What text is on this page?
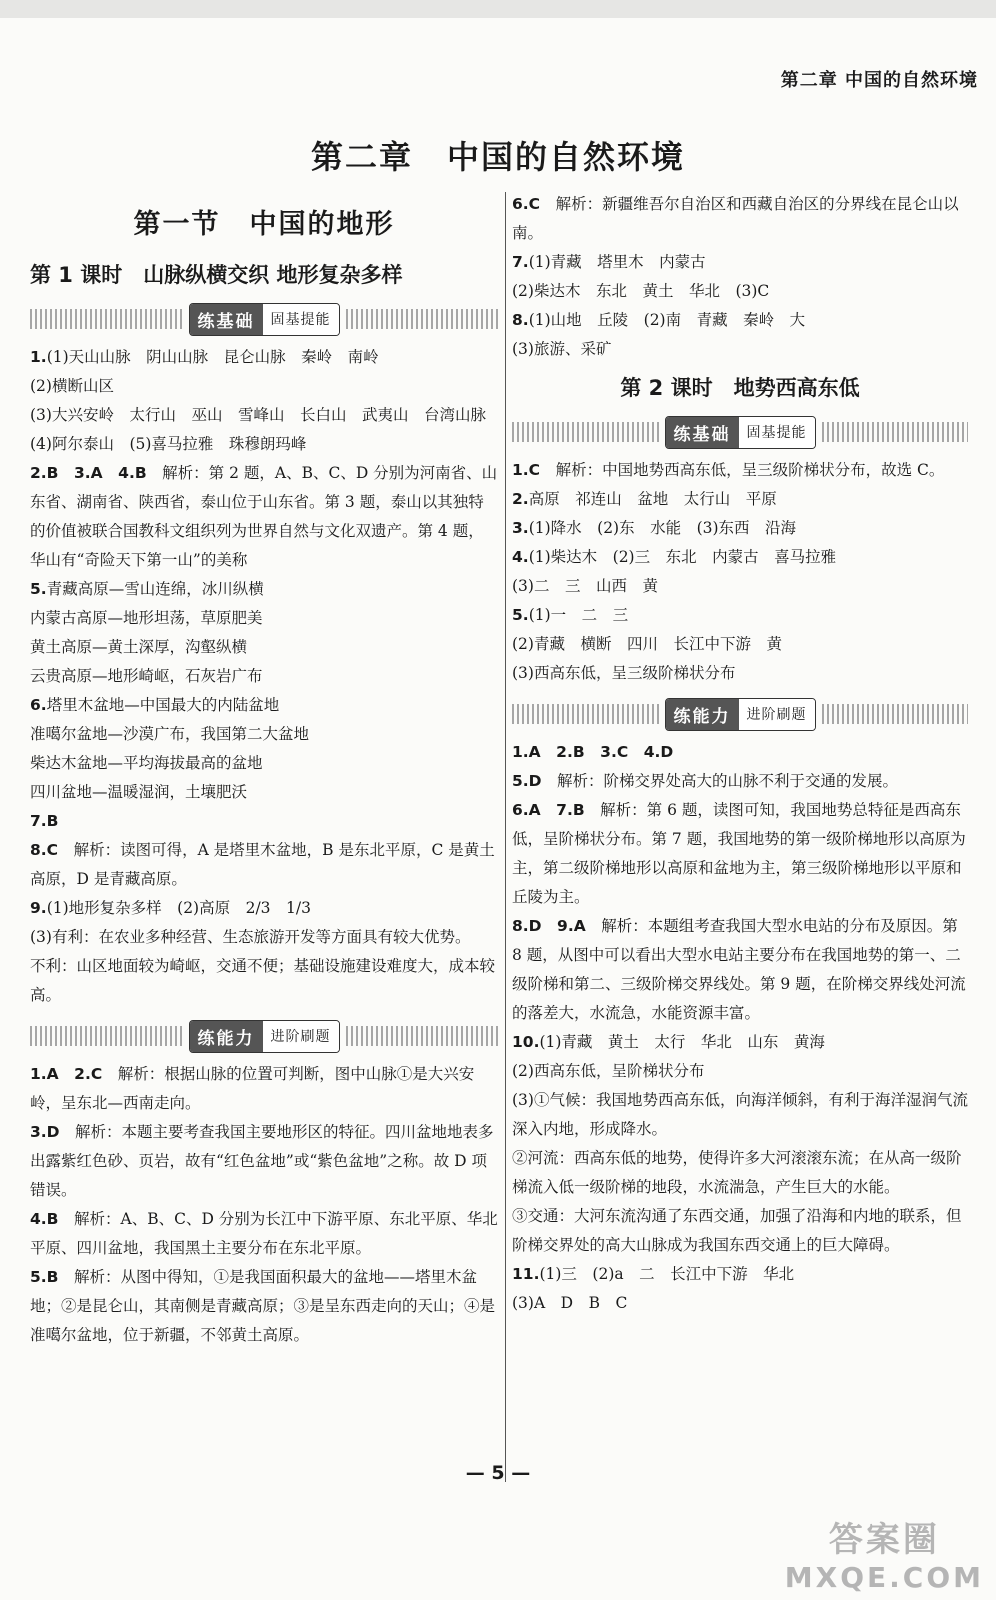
第二章 中国的自然环境
第二章　中国的自然环境
第一节　中国的地形
第 1 课时　山脉纵横交织 地形复杂多样
练基础	固基提能

1.(1)天山山脉　阴山山脉　昆仑山脉　秦岭　南岭
(2)横断山区
(3)大兴安岭　太行山　巫山　雪峰山　长白山　武夷山　台湾山脉
(4)阿尔泰山　(5)喜马拉雅　珠穆朗玛峰

2.B　3.A　4.B　解析：第 2 题，A、B、C、D 分别为河南省、山东省、湖南省、陕西省，泰山位于山东省。第 3 题，泰山以其独特的价值被联合国教科文组织列为世界自然与文化双遗产。第 4 题，华山有“奇险天下第一山”的美称

5.青藏高原—雪山连绵，冰川纵横
内蒙古高原—地形坦荡，草原肥美
黄土高原—黄土深厚，沟壑纵横
云贵高原—地形崎岖，石灰岩广布

6.塔里木盆地—中国最大的内陆盆地
准噶尔盆地—沙漠广布，我国第二大盆地
柴达木盆地—平均海拔最高的盆地
四川盆地—温暖湿润，土壤肥沃

7.B

8.C　解析：读图可得，A 是塔里木盆地，B 是东北平原，C 是黄土高原，D 是青藏高原。

9.(1)地形复杂多样　(2)高原　2/3　1/3
(3)有利：在农业多种经营、生态旅游开发等方面具有较大优势。
不利：山区地面较为崎岖，交通不便；基础设施建设难度大，成本较高。

练能力	进阶刷题

1.A　2.C　解析：根据山脉的位置可判断，图中山脉①是大兴安岭，呈东北—西南走向。

3.D　解析：本题主要考查我国主要地形区的特征。四川盆地地表多出露紫红色砂、页岩，故有“红色盆地”或“紫色盆地”之称。故 D 项错误。

4.B　解析：A、B、C、D 分别为长江中下游平原、东北平原、华北平原、四川盆地，我国黑土主要分布在东北平原。

5.B　解析：从图中得知，①是我国面积最大的盆地——塔里木盆地；②是昆仑山，其南侧是青藏高原；③是呈东西走向的天山；④是准噶尔盆地，位于新疆，不邻黄土高原。

6.C　解析：新疆维吾尔自治区和西藏自治区的分界线在昆仑山以南。

7.(1)青藏　塔里木　内蒙古
(2)柴达木　东北　黄土　华北　(3)C

8.(1)山地　丘陵　(2)南　青藏　秦岭　大
(3)旅游、采矿

第 2 课时　地势西高东低
练基础	固基提能

1.C　解析：中国地势西高东低，呈三级阶梯状分布，故选 C。

2.高原　祁连山　盆地　太行山　平原

3.(1)降水　(2)东　水能　(3)东西　沿海

4.(1)柴达木　(2)三　东北　内蒙古　喜马拉雅
(3)二　三　山西　黄

5.(1)一　二　三
(2)青藏　横断　四川　长江中下游　黄
(3)西高东低，呈三级阶梯状分布

练能力	进阶刷题

1.A　2.B　3.C　4.D

5.D　解析：阶梯交界处高大的山脉不利于交通的发展。

6.A　7.B　解析：第 6 题，读图可知，我国地势总特征是西高东低，呈阶梯状分布。第 7 题，我国地势的第一级阶梯地形以高原为主，第二级阶梯地形以高原和盆地为主，第三级阶梯地形以平原和丘陵为主。

8.D　9.A　解析：本题组考查我国大型水电站的分布及原因。第 8 题，从图中可以看出大型水电站主要分布在我国地势的第一、二级阶梯和第二、三级阶梯交界线处。第 9 题，在阶梯交界线处河流的落差大，水流急，水能资源丰富。

10.(1)青藏　黄土　太行　华北　山东　黄海
(2)西高东低，呈阶梯状分布
(3)①气候：我国地势西高东低，向海洋倾斜，有利于海洋湿润气流深入内地，形成降水。
②河流：西高东低的地势，使得许多大河滚滚东流；在从高一级阶梯流入低一级阶梯的地段，水流湍急，产生巨大的水能。
③交通：大河东流沟通了东西交通，加强了沿海和内地的联系，但阶梯交界处的高大山脉成为我国东西交通上的巨大障碍。

11.(1)三　(2)a　二　长江中下游　华北
(3)A　D　B　C

— 5 —
答案圈
MXQE.COM
